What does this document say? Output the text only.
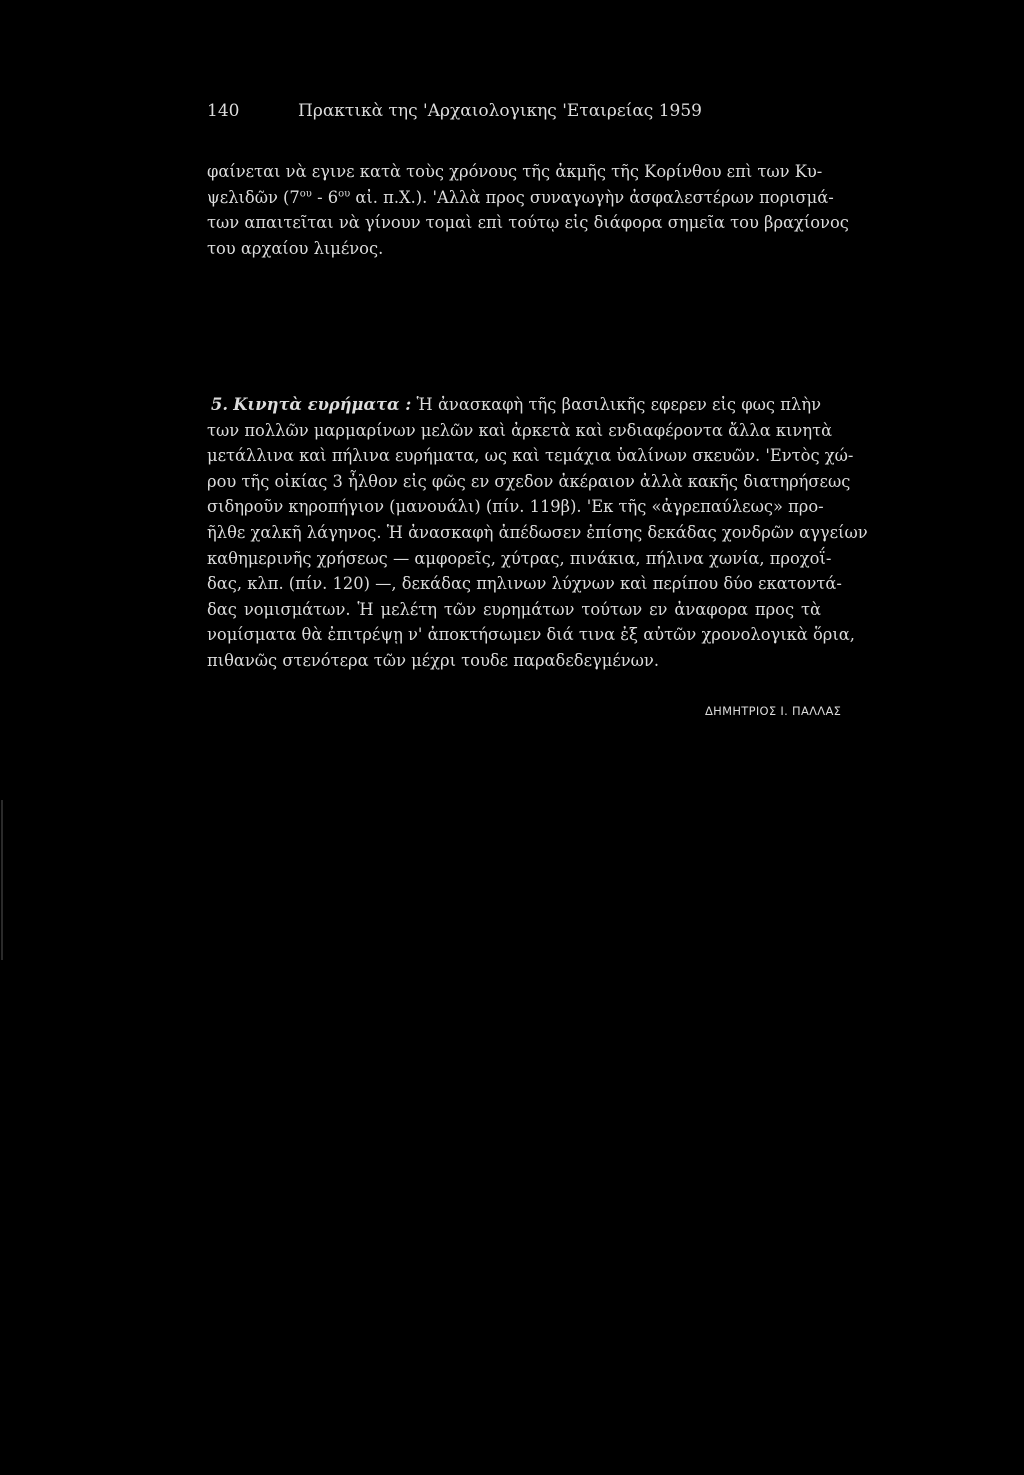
140	Πρακτικὰ της 'Αρχαιολογικης 'Εταιρείας 1959

φαίνεται νὰ εγινε κατὰ τοὺς χρόνους τῆς ἀκμῆς τῆς Κορίνθου επὶ των Κυ-
ψελιδῶν ($7^{o\upsilon} - 6^{o\upsilon}$ αἰ. π.Χ.). 'Αλλὰ προς συναγωγὴν ἀσφαλεστέρων πορισμά-
των απαιτεῖται νὰ γίνουν τομαὶ επὶ τούτῳ εἰς διάφορα σημεῖα του βραχίονος
του αρχαίου λιμένος.

5. Κινητὰ ευρήματα : Ἡ ἀνασκαφὴ τῆς βασιλικῆς εφερεν εἰς φως πλὴν
των πολλῶν μαρμαρίνων μελῶν καὶ ἀρκετὰ καὶ ενδιαφέροντα ἄλλα κινητὰ
μετάλλινα καὶ πήλινα ευρήματα, ως καὶ τεμάχια ὑαλίνων σκευῶν. 'Εντὸς χώ-
ρου τῆς οἰκίας 3 ἦλθον εἰς φῶς εν σχεδον ἀκέραιον ἀλλὰ κακῆς διατηρήσεως
σιδηροῦν κηροπήγιον (μανουάλι) (πίν. 119β). 'Εκ τῆς «ἀγρεπαύλεως» προ-
ῆλθε χαλκῆ λάγηνος. Ἡ ἀνασκαφὴ ἀπέδωσεν ἐπίσης δεκάδας χονδρῶν αγγείων
καθημερινῆς χρήσεως — αμφορεῖς, χύτρας, πινάκια, πήλινα χωνία, προχοΐ-
δας, κλπ. (πίν. 120) —, δεκάδας πηλινων λύχνων καὶ περίπου δύο εκατοντά-
δας νομισμάτων. Ἡ μελέτη τῶν ευρημάτων τούτων εν ἀναφορα προς τὰ
νομίσματα θὰ ἐπιτρέψῃ ν' ἀποκτήσωμεν διά τινα ἐξ αὐτῶν χρονολογικὰ ὅρια,
πιθανῶς στενότερα τῶν μέχρι τουδε παραδεδεγμένων.

ΔΗΜΗΤΡΙΟΣ Ι. ΠΑΛΛΑΣ
